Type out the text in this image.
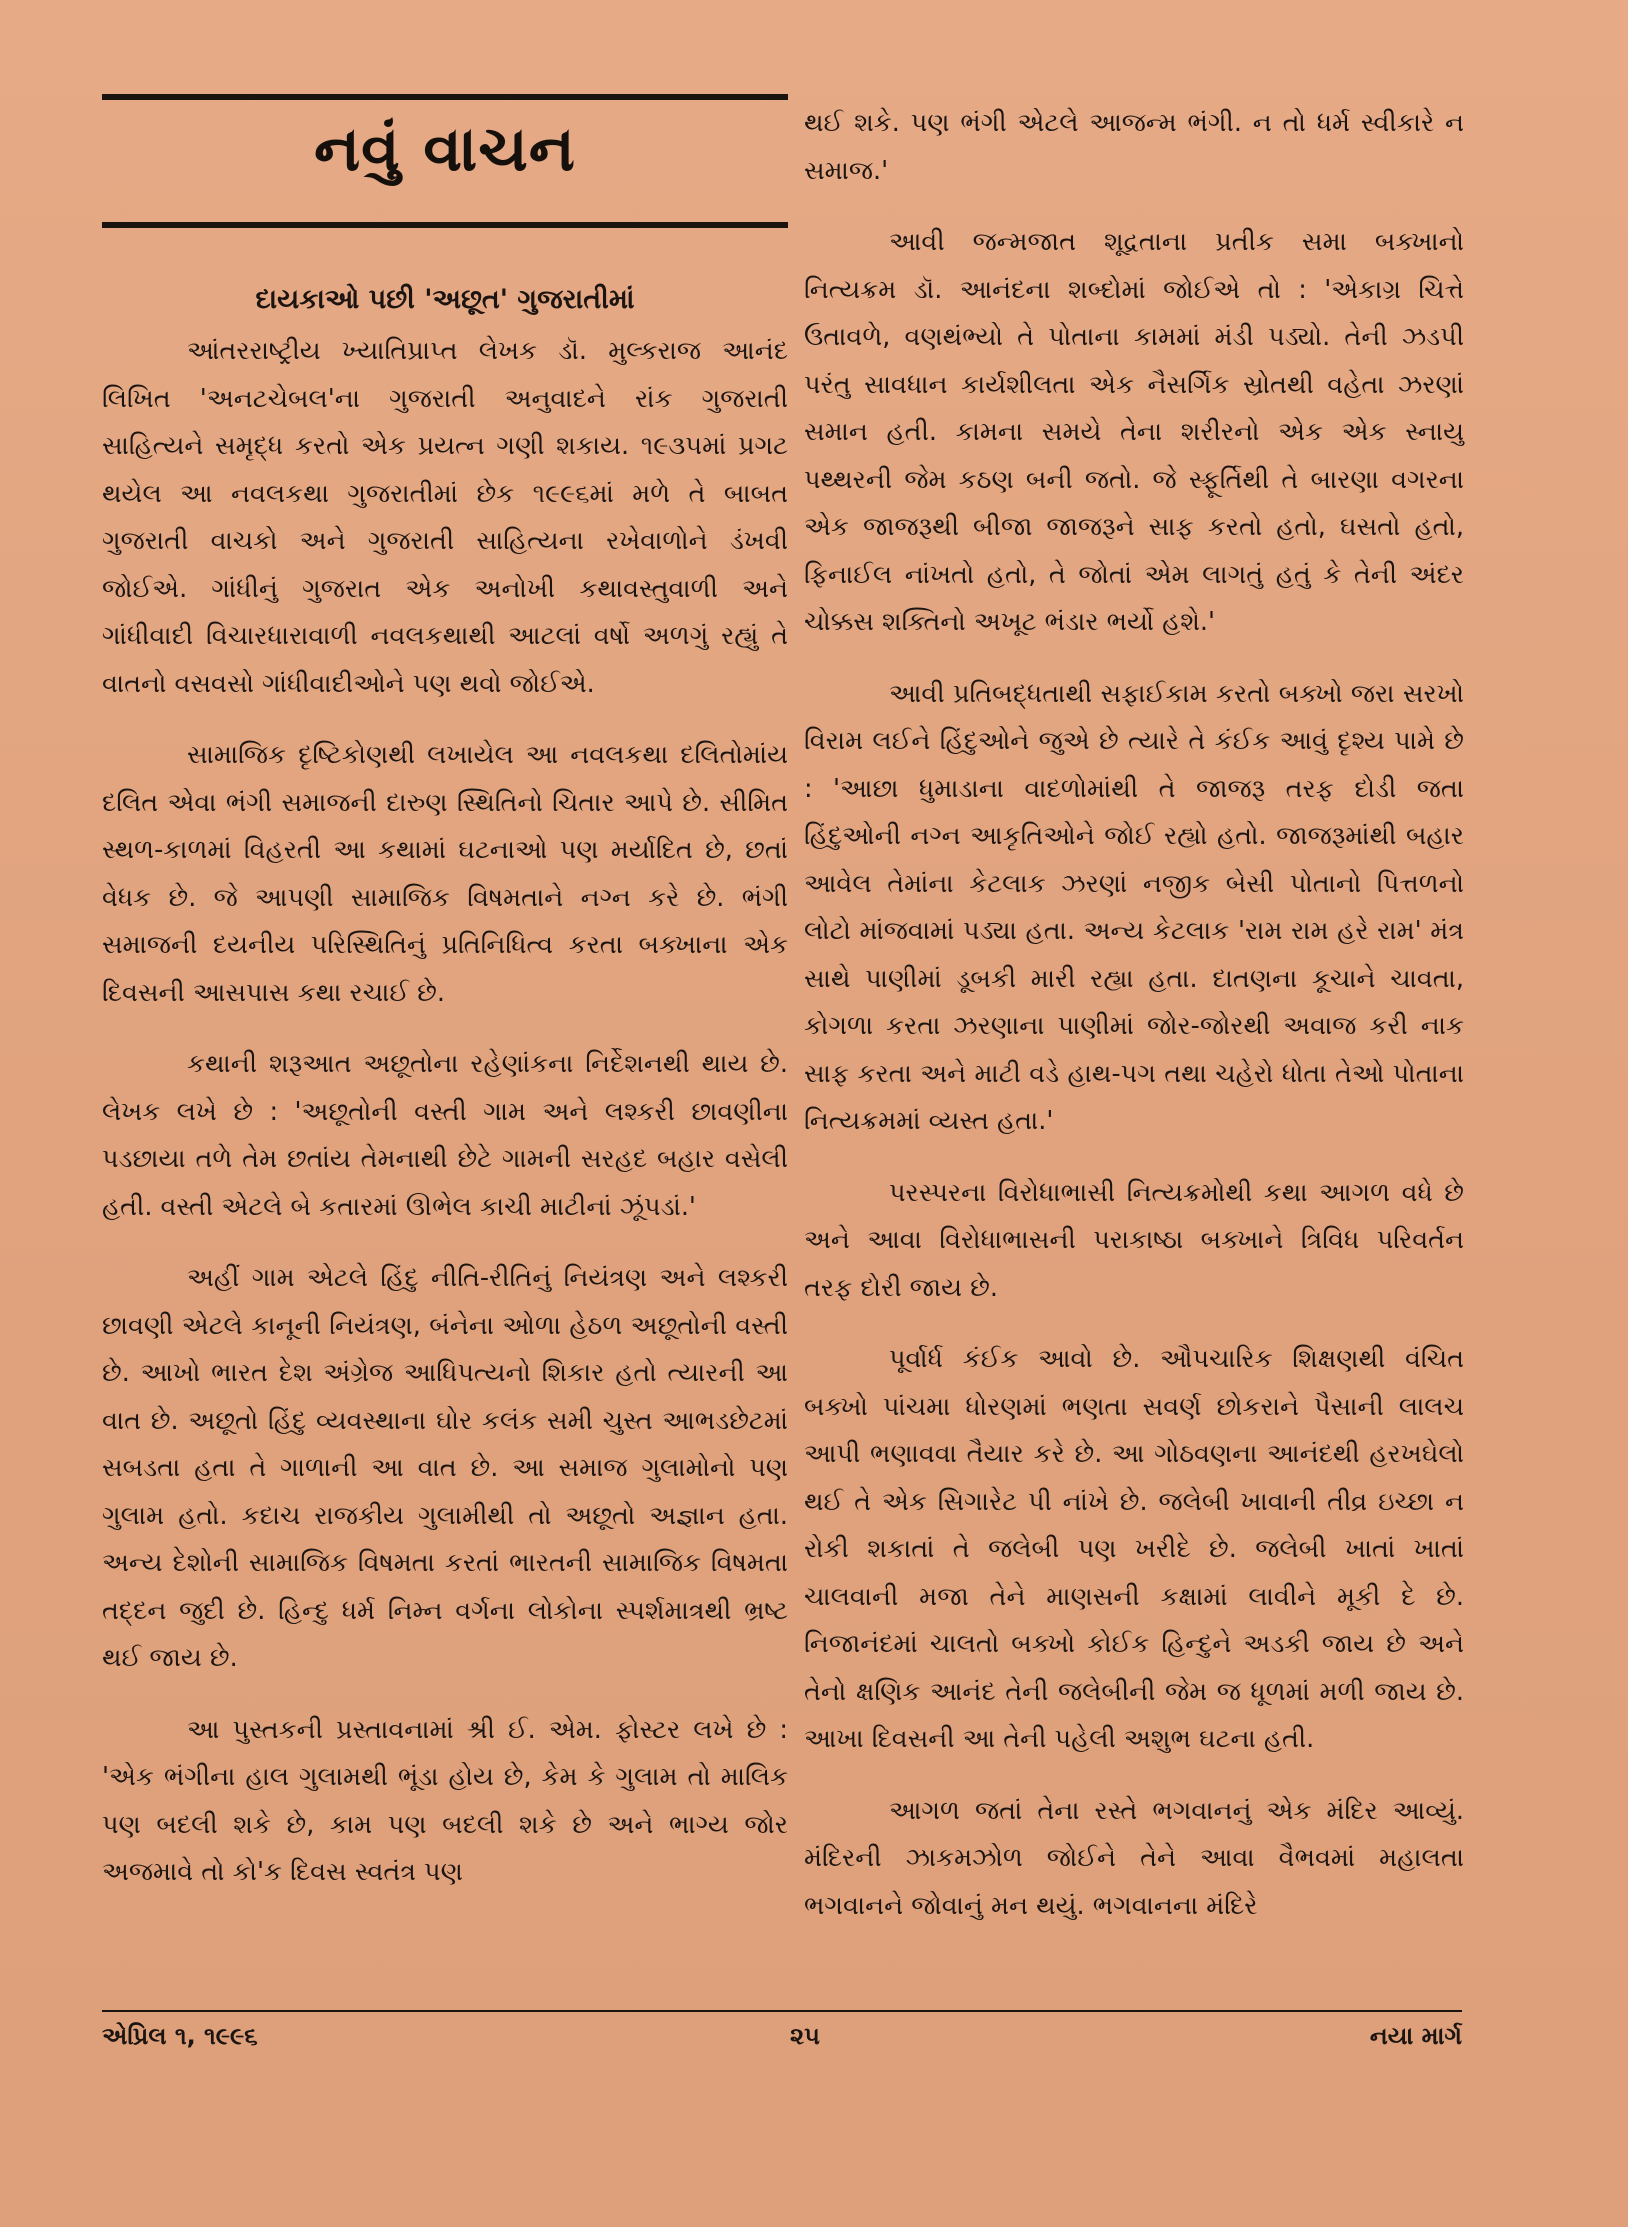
નવું વાચન
દાયકાઓ પછી 'અછૂત' ગુજરાતીમાં

આંતરરાષ્ટ્રીય ખ્યાતિપ્રાપ્ત લેખક ડૉ. મુલ્કરાજ આનંદ લિખિત 'અનટચેબલ'ના ગુજરાતી અનુવાદને રાંક ગુજરાતી સાહિત્યને સમૃદ્ધ કરતો એક પ્રયત્ન ગણી શકાય. ૧૯૩૫માં પ્રગટ થયેલ આ નવલકથા ગુજરાતીમાં છેક ૧૯૯૬માં મળે તે બાબત ગુજરાતી વાચકો અને ગુજરાતી સાહિત્યના રખેવાળોને ડંખવી જોઈએ. ગાંધીનું ગુજરાત એક અનોખી કથાવસ્તુવાળી અને ગાંધીવાદી વિચારધારાવાળી નવલકથાથી આટલાં વર્ષો અળગું રહ્યું તે વાતનો વસવસો ગાંધીવાદીઓને પણ થવો જોઈએ.

સામાજિક દૃષ્ટિકોણથી લખાયેલ આ નવલકથા દલિતોમાંય દલિત એવા ભંગી સમાજની દારુણ સ્થિતિનો ચિતાર આપે છે. સીમિત સ્થળ-કાળમાં વિહરતી આ કથામાં ઘટનાઓ પણ મર્યાદિત છે, છતાં વેધક છે. જે આપણી સામાજિક વિષમતાને નગ્ન કરે છે. ભંગી સમાજની દયનીય પરિસ્થિતિનું પ્રતિનિધિત્વ કરતા બક્ખાના એક દિવસની આસપાસ કથા રચાઈ છે.

કથાની શરૂઆત અછૂતોના રહેણાંકના નિર્દેશનથી થાય છે. લેખક લખે છે : 'અછૂતોની વસ્તી ગામ અને લશ્કરી છાવણીના પડછાયા તળે તેમ છતાંય તેમનાથી છેટે ગામની સરહદ બહાર વસેલી હતી. વસ્તી એટલે બે કતારમાં ઊભેલ કાચી માટીનાં ઝૂંપડાં.'

અહીં ગામ એટલે હિંદુ નીતિ-રીતિનું નિયંત્રણ અને લશ્કરી છાવણી એટલે કાનૂની નિયંત્રણ, બંનેના ઓળા હેઠળ અછૂતોની વસ્તી છે. આખો ભારત દેશ અંગ્રેજ આધિપત્યનો શિકાર હતો ત્યારની આ વાત છે. અછૂતો હિંદુ વ્યવસ્થાના ઘોર કલંક સમી ચુસ્ત આભડછેટમાં સબડતા હતા તે ગાળાની આ વાત છે. આ સમાજ ગુલામોનો પણ ગુલામ હતો. કદાચ રાજકીય ગુલામીથી તો અછૂતો અજ્ઞાન હતા. અન્ય દેશોની સામાજિક વિષમતા કરતાં ભારતની સામાજિક વિષમતા તદ્દન જુદી છે. હિન્દુ ધર્મ નિમ્ન વર્ગના લોકોના સ્પર્શમાત્રથી ભ્રષ્ટ થઈ જાય છે.

આ પુસ્તકની પ્રસ્તાવનામાં શ્રી ઈ. એમ. ફોસ્ટર લખે છે : 'એક ભંગીના હાલ ગુલામથી ભૂંડા હોય છે, કેમ કે ગુલામ તો માલિક પણ બદલી શકે છે, કામ પણ બદલી શકે છે અને ભાગ્ય જોર અજમાવે તો કો'ક દિવસ સ્વતંત્ર પણ

થઈ શકે. પણ ભંગી એટલે આજન્મ ભંગી. ન તો ધર્મ સ્વીકારે ન સમાજ.'

આવી જન્મજાત શૂદ્રતાના પ્રતીક સમા બક્ખાનો નિત્યક્રમ ડૉ. આનંદના શબ્દોમાં જોઈએ તો : 'એકાગ્ર ચિત્તે ઉતાવળે, વણથંભ્યો તે પોતાના કામમાં મંડી પડ્યો. તેની ઝડપી પરંતુ સાવધાન કાર્યશીલતા એક નૈસર્ગિક સ્રોતથી વહેતા ઝરણાં સમાન હતી. કામના સમયે તેના શરીરનો એક એક સ્નાયુ પથ્થરની જેમ કઠણ બની જતો. જે સ્ફૂર્તિથી તે બારણા વગરના એક જાજરૂથી બીજા જાજરૂને સાફ કરતો હતો, ઘસતો હતો, ફિનાઈલ નાંખતો હતો, તે જોતાં એમ લાગતું હતું કે તેની અંદર ચોક્કસ શક્તિનો અખૂટ ભંડાર ભર્યો હશે.'

આવી પ્રતિબદ્ધતાથી સફાઈકામ કરતો બક્ખો જરા સરખો વિરામ લઈને હિંદુઓને જુએ છે ત્યારે તે કંઈક આવું દૃશ્ય પામે છે : 'આછા ધુમાડાના વાદળોમાંથી તે જાજરૂ તરફ દોડી જતા હિંદુઓની નગ્ન આકૃતિઓને જોઈ રહ્યો હતો. જાજરૂમાંથી બહાર આવેલ તેમાંના કેટલાક ઝરણાં નજીક બેસી પોતાનો પિત્તળનો લોટો માંજવામાં પડ્યા હતા. અન્ય કેટલાક 'રામ રામ હરે રામ' મંત્ર સાથે પાણીમાં ડૂબકી મારી રહ્યા હતા. દાતણના કૂચાને ચાવતા, કોગળા કરતા ઝરણાના પાણીમાં જોર-જોરથી અવાજ કરી નાક સાફ કરતા અને માટી વડે હાથ-પગ તથા ચહેરો ધોતા તેઓ પોતાના નિત્યક્રમમાં વ્યસ્ત હતા.'

પરસ્પરના વિરોધાભાસી નિત્યક્રમોથી કથા આગળ વધે છે અને આવા વિરોધાભાસની પરાકાષ્ઠા બક્ખાને ત્રિવિધ પરિવર્તન તરફ દોરી જાય છે.

પૂર્વાર્ધ કંઈક આવો છે. ઔપચારિક શિક્ષણથી વંચિત બક્ખો પાંચમા ધોરણમાં ભણતા સવર્ણ છોકરાને પૈસાની લાલચ આપી ભણાવવા તૈયાર કરે છે. આ ગોઠવણના આનંદથી હરખઘેલો થઈ તે એક સિગારેટ પી નાંખે છે. જલેબી ખાવાની તીવ્ર ઇચ્છા ન રોકી શકાતાં તે જલેબી પણ ખરીદે છે. જલેબી ખાતાં ખાતાં ચાલવાની મજા તેને માણસની કક્ષામાં લાવીને મૂકી દે છે. નિજાનંદમાં ચાલતો બક્ખો કોઈક હિન્દુને અડકી જાય છે અને તેનો ક્ષણિક આનંદ તેની જલેબીની જેમ જ ધૂળમાં મળી જાય છે. આખા દિવસની આ તેની પહેલી અશુભ ઘટના હતી.

આગળ જતાં તેના રસ્તે ભગવાનનું એક મંદિર આવ્યું. મંદિરની ઝાકમઝોળ જોઈને તેને આવા વૈભવમાં મહાલતા ભગવાનને જોવાનું મન થયું. ભગવાનના મંદિરે

એપ્રિલ ૧, ૧૯૯૬	૨૫	નયા માર્ગ
